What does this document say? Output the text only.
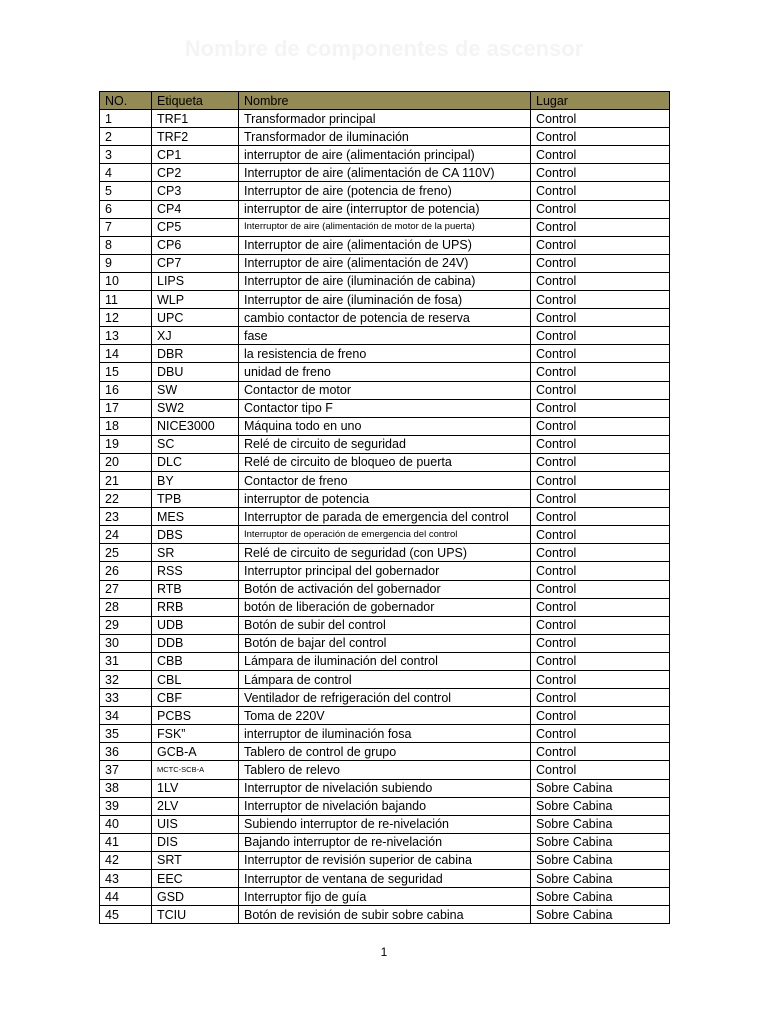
Nombre de componentes de ascensor
NO.	Etiqueta	Nombre	Lugar
1	TRF1	Transformador principal	Control
2	TRF2	Transformador de iluminación	Control
3	CP1	interruptor de aire (alimentación principal)	Control
4	CP2	Interruptor de aire (alimentación de CA 110V)	Control
5	CP3	Interruptor de aire (potencia de freno)	Control
6	CP4	interruptor de aire (interruptor de potencia)	Control
7	CP5	Interruptor de aire (alimentación de motor de la puerta)	Control
8	CP6	Interruptor de aire (alimentación de UPS)	Control
9	CP7	Interruptor de aire (alimentación de 24V)	Control
10	LIPS	Interruptor de aire (iluminación de cabina)	Control
11	WLP	Interruptor de aire (iluminación de fosa)	Control
12	UPC	cambio contactor de potencia de reserva	Control
13	XJ	fase	Control
14	DBR	la resistencia de freno	Control
15	DBU	unidad de freno	Control
16	SW	Contactor de motor	Control
17	SW2	Contactor tipo F	Control
18	NICE3000	Máquina todo en uno	Control
19	SC	Relé de circuito de seguridad	Control
20	DLC	Relé de circuito de bloqueo de puerta	Control
21	BY	Contactor de freno	Control
22	TPB	interruptor de potencia	Control
23	MES	Interruptor de parada de emergencia del control	Control
24	DBS	Interruptor de operación de emergencia del control	Control
25	SR	Relé de circuito de seguridad (con UPS)	Control
26	RSS	Interruptor principal del gobernador	Control
27	RTB	Botón de activación del gobernador	Control
28	RRB	botón de liberación de gobernador	Control
29	UDB	Botón de subir del control	Control
30	DDB	Botón de bajar del control	Control
31	CBB	Lámpara de iluminación del control	Control
32	CBL	Lámpara de control	Control
33	CBF	Ventilador de refrigeración del control	Control
34	PCBS	Toma de 220V	Control
35	FSK”	interruptor de iluminación fosa	Control
36	GCB-A	Tablero de control de grupo	Control
37	MCTC-SCB-A	Tablero de relevo	Control
38	1LV	Interruptor de nivelación subiendo	Sobre Cabina
39	2LV	Interruptor de nivelación bajando	Sobre Cabina
40	UIS	Subiendo interruptor de re-nivelación	Sobre Cabina
41	DIS	Bajando interruptor de re-nivelación	Sobre Cabina
42	SRT	Interruptor de revisión superior de cabina	Sobre Cabina
43	EEC	Interruptor de ventana de seguridad	Sobre Cabina
44	GSD	Interruptor fijo de guía	Sobre Cabina
45	TCIU	Botón de revisión de subir sobre cabina	Sobre Cabina
1
